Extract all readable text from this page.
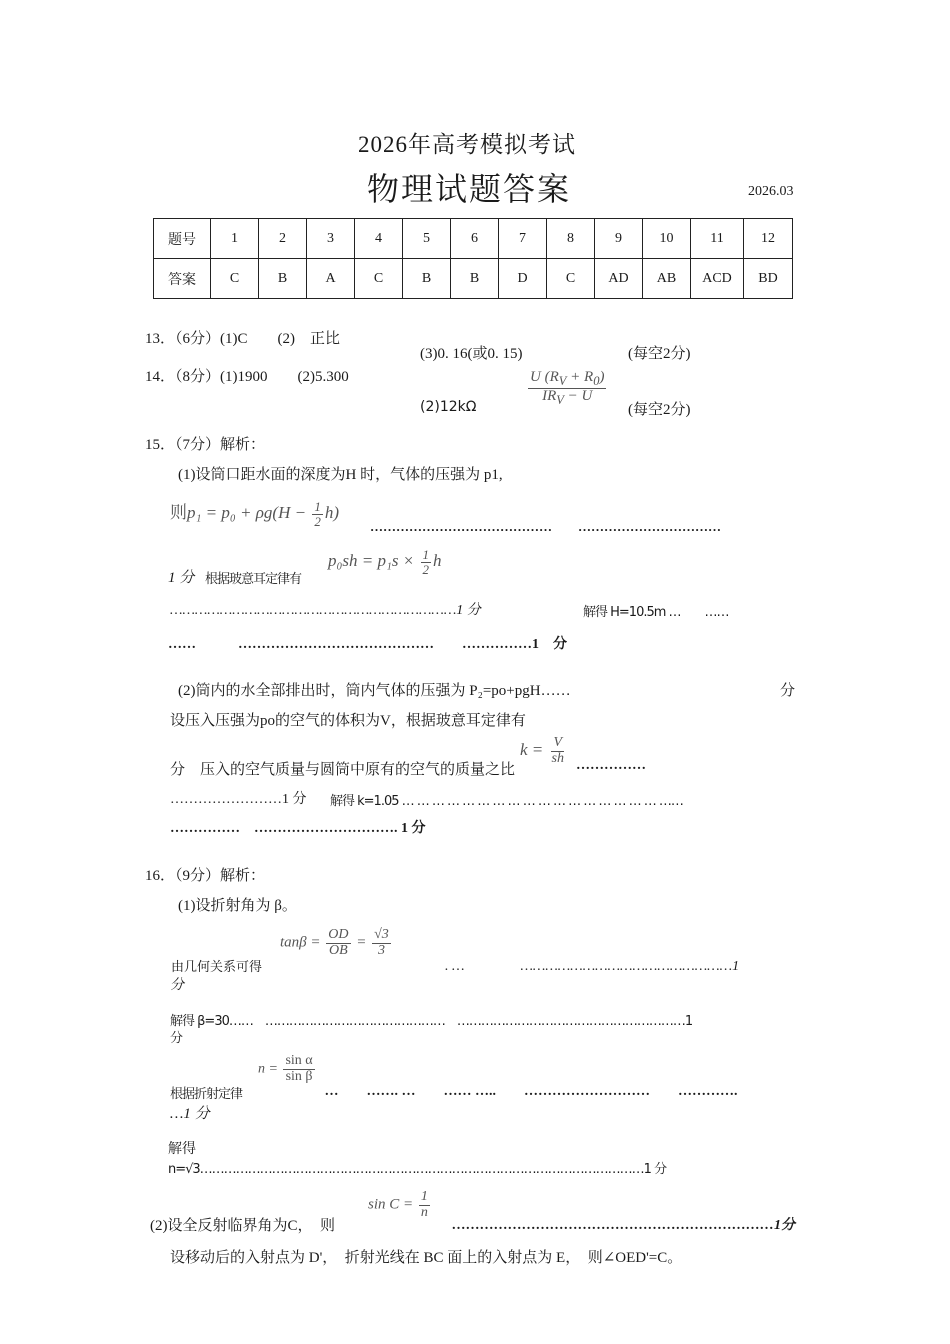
2026年高考模拟考试
物理试题答案	2026.03
题号	1	2	3	4	5	6	7	8	9	10	11	12
答案	C	B	A	C	B	B	D	C	AD	AB	ACD	BD
13．（6分）(1)C　　(2)　正比
(3)0. 16(或0. 15)	(每空2分)
14．（8分）(1)1900　　(2)5.300
(2)12kΩ	$\frac{U (R_V + R_0)}{IR_V - U}$
(每空2分)
15．（7分）解析：
(1)设筒口距水面的深度为H 时，气体的压强为 p1,
则$p_1 = p_0 + \rho g(H - \frac{1}{2} h)$
……………………………………　　……………………………
1 分 根据玻意耳定律有
$p_0sh = p_1s \times \frac{1}{2}$ h
……………………………………………………………1 分	解得 H=10.5m …　　……
……　　　……………………………………　　……………1　分
(2)筒内的水全部排出时，筒内气体的压强为 P₂=po+pgH……	分
设压入压强为po的空气的体积为V，根据玻意耳定律有
分　压入的空气质量与圆筒中原有的空气的质量之比
$k = \frac{V}{sh}$ ……………
……………………1 分 解得 k=1.05 … … … … … … … … … … … … … … … … … ……
……………　…………………………. 1 分
16．（9分）解析：
(1)设折射角为 β。
由几何关系可得
$\tan\beta = \frac{OD}{OB} = \frac{√3}{3}$
. …　　　　……………………………………………1
分
解得 β=30……　………………………………………　…………………………………………………1
分
根据折射定律
$n = \frac{\text{sin α}}{\text{sin β}}$
…　　……. …　　…… …..　　………………………　　………….
…1 分
解得
n=√3…………………………………………………………………………………………………1 分
(2)设全反射临界角为C，　则
$\sin C = \frac{1}{n}$
……………………………………………………………1分
设移动后的入射点为 D'，　折射光线在 BC 面上的入射点为 E，　则∠OED'=C。
